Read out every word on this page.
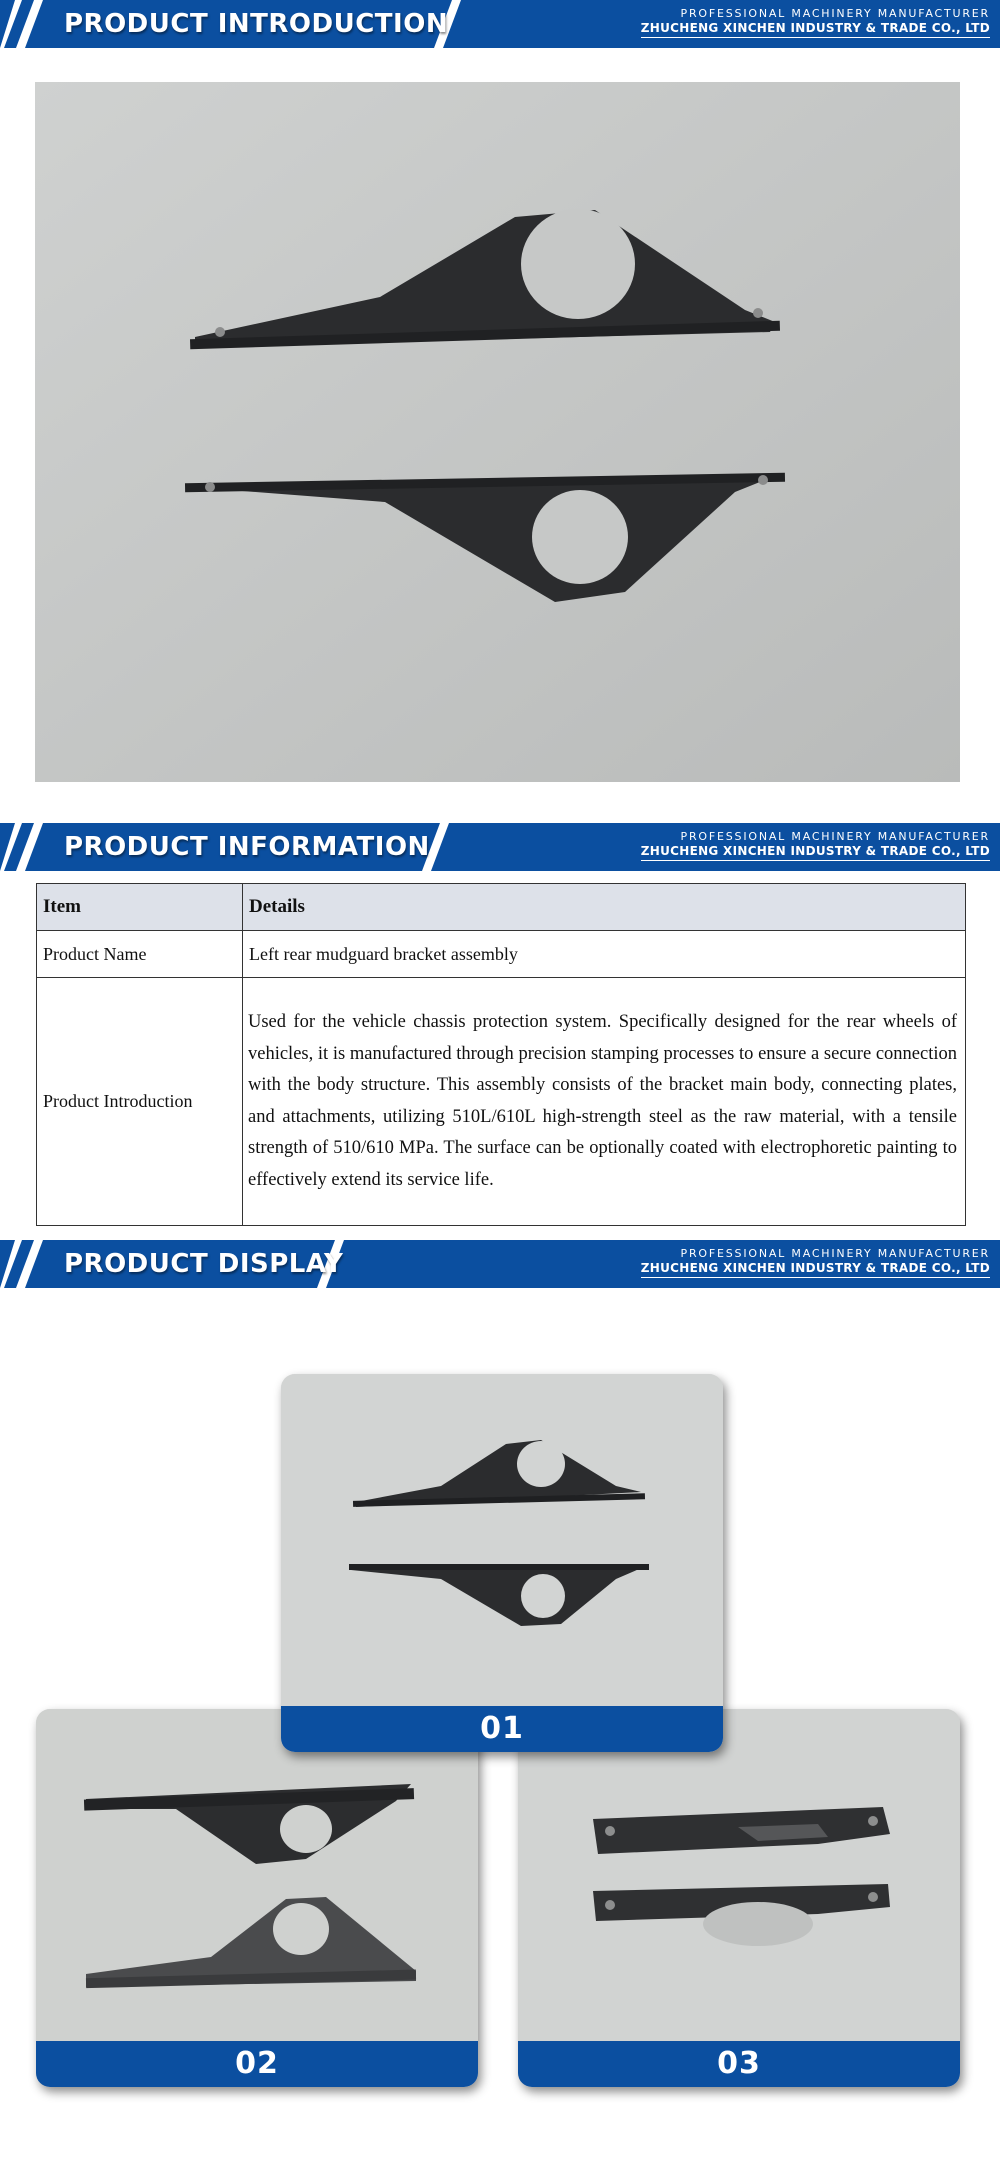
PRODUCT INTRODUCTION	PROFESSIONAL MACHINERY MANUFACTURER
ZHUCHENG XINCHEN INDUSTRY & TRADE CO., LTD
PRODUCT INFORMATION	PROFESSIONAL MACHINERY MANUFACTURER
ZHUCHENG XINCHEN INDUSTRY & TRADE CO., LTD
Item	Details
Product Name	Left rear mudguard bracket assembly
Product Introduction	Used for the vehicle chassis protection system. Specifically designed for the rear wheels of vehicles, it is manufactured through precision stamping processes to ensure a secure connection with the body structure. This assembly consists of the bracket main body, connecting plates, and attachments, utilizing 510L/610L high-strength steel as the raw material, with a tensile strength of 510/610 MPa. The surface can be optionally coated with electrophoretic painting to effectively extend its service life.
PRODUCT DISPLAY	PROFESSIONAL MACHINERY MANUFACTURER
ZHUCHENG XINCHEN INDUSTRY & TRADE CO., LTD
01
02	03
